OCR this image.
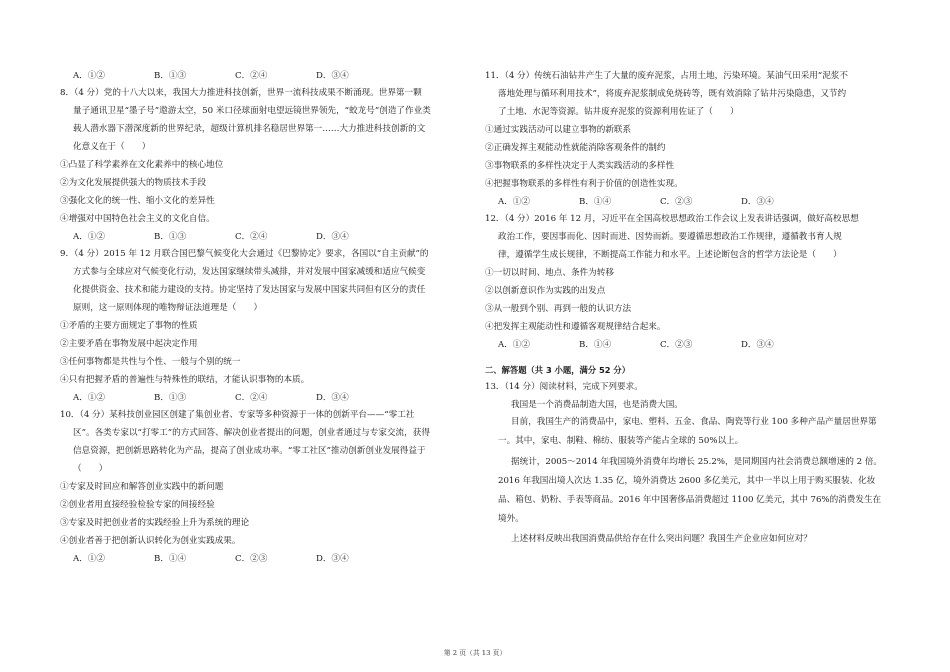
A．①②	B．①③	C．②④	D．③④
8．（4 分）党的十八大以来，我国大力推进科技创新，世界一流科技成果不断涌现。世界第一颗
量子通讯卫星“墨子号”遨游太空，50 米口径球面射电望远镜世界领先，“蛟龙号”创造了作业类
载人潜水器下潜深度新的世界纪录，超级计算机排名稳居世界第一……大力推进科技创新的文
化意义在于（　　）
①凸显了科学素养在文化素养中的核心地位
②为文化发展提供强大的物质技术手段
③强化文化的统一性、缩小文化的差异性
④增强对中国特色社会主义的文化自信。
A．①②	B．①③	C．②④	D．③④
9．（4 分）2015 年 12 月联合国巴黎气候变化大会通过《巴黎协定》要求，各国以“自主贡献”的
方式参与全球应对气候变化行动，发达国家继续带头减排，并对发展中国家减缓和适应气候变
化提供资金、技术和能力建设的支持。协定坚持了发达国家与发展中国家共同但有区分的责任
原则，这一原则体现的唯物辩证法道理是（　　）
①矛盾的主要方面规定了事物的性质
②主要矛盾在事物发展中起决定作用
③任何事物都是共性与个性、一般与个别的统一
④只有把握矛盾的普遍性与特殊性的联结，才能认识事物的本质。
A．①②	B．①③	C．②④	D．③④
10．（4 分）某科技创业园区创建了集创业者、专家等多种资源于一体的创新平台——“零工社
区”。各类专家以“打零工”的方式回答、解决创业者提出的问题，创业者通过与专家交流，获得
信息资源，把创新思路转化为产品，提高了创业成功率。“零工社区”推动创新创业发展得益于
（　　）
①专家及时回应和解答创业实践中的新问题
②创业者用直接经验检验专家的间接经验
③专家及时把创业者的实践经验上升为系统的理论
④创业者善于把创新认识转化为创业实践成果。
A．①②	B．①④	C．②③	D．③④
11．（4 分）传统石油钻井产生了大量的废弃泥浆，占用土地，污染环境。某油气田采用“泥浆不
落地处理与循环利用技术”，将废弃泥浆制成免烧砖等，既有效消除了钻井污染隐患，又节约
了土地、水泥等资源。钻井废弃泥浆的资源利用佐证了（　　）
①通过实践活动可以建立事物的新联系
②正确发挥主观能动性就能消除客观条件的制约
③事物联系的多样性决定于人类实践活动的多样性
④把握事物联系的多样性有利于价值的创造性实现。
A．①②	B．①④	C．②③	D．③④
12．（4 分）2016 年 12 月，习近平在全国高校思想政治工作会议上发表讲话强调，做好高校思想
政治工作，要因事而化、因时而进、因势而新。要遵循思想政治工作规律，遵循教书育人规
律，遵循学生成长规律，不断提高工作能力和水平。上述论断包含的哲学方法论是（　　）
①一切以时间、地点、条件为转移
②以创新意识作为实践的出发点
③从一般到个别、再到一般的认识方法
④把发挥主观能动性和遵循客观规律结合起来。
A．①②	B．①④	C．②③	D．③④
二、解答题（共 3 小题，满分 52 分）
13．（14 分）阅读材料，完成下列要求。
我国是一个消费品制造大国，也是消费大国。
目前，我国生产的消费品中，家电、塑料、五金、食品、陶瓷等行业 100 多种产品产量居世界第一。其中，家电、制鞋、棉纺、服装等产能占全球的 50%以上。
据统计，2005～2014 年我国境外消费年均增长 25.2%，是同期国内社会消费总额增速的 2 倍。2016 年我国出境人次达 1.35 亿，境外消费达 2600 多亿美元，其中一半以上用于购买服装、化妆品、箱包、奶粉、手表等商品。2016 年中国奢侈品消费超过 1100 亿美元，其中 76%的消费发生在境外。
上述材料反映出我国消费品供给存在什么突出问题？我国生产企业应如何应对？
第 2 页（共 13 页）
